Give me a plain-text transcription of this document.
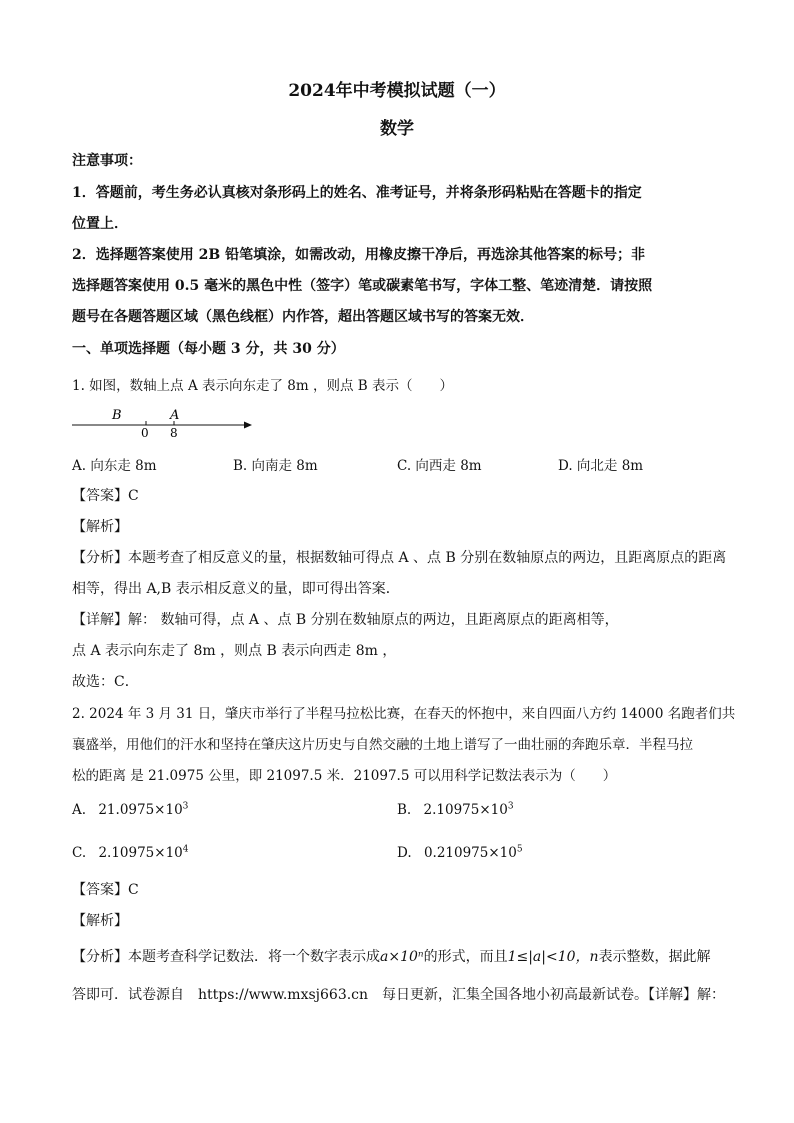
2024年中考模拟试题（一）
数学
注意事项：
1．答题前，考生务必认真核对条形码上的姓名、准考证号，并将条形码粘贴在答题卡的指定
位置上．
2．选择题答案使用 2B 铅笔填涂，如需改动，用橡皮擦干净后，再选涂其他答案的标号；非
选择题答案使用 0.5 毫米的黑色中性（签字）笔或碳素笔书写，字体工整、笔迹清楚．请按照
题号在各题答题区域（黑色线框）内作答，超出答题区域书写的答案无效．
一、单项选择题（每小题 3 分，共 30 分）
1. 如图，数轴上点 A 表示向东走了 8m ，则点 B 表示（　　）
B	A
0 8
A. 向东走 8m	B. 向南走 8m	C. 向西走 8m	D. 向北走 8m
【答案】C
【解析】
【分析】本题考查了相反意义的量，根据数轴可得点 A 、点 B 分别在数轴原点的两边，且距离原点的距离
相等，得出 A,B 表示相反意义的量，即可得出答案．
【详解】解： 数轴可得，点 A 、点 B 分别在数轴原点的两边，且距离原点的距离相等，
点 A 表示向东走了 8m ，则点 B 表示向西走 8m ，
故选：C．
2. 2024 年 3 月 31 日，肇庆市举行了半程马拉松比赛，在春天的怀抱中，来自四面八方约 14000 名跑者们共
襄盛举，用他们的汗水和坚持在肇庆这片历史与自然交融的土地上谱写了一曲壮丽的奔跑乐章．半程马拉
松的距离 是 21.0975 公里，即 21097.5 米．21097.5 可以用科学记数法表示为（　　）
A. $21.0975\times 10^3$	B. $2.10975\times 10^3$
C. $2.10975\times 10^4$	D. $0.210975\times 10^5$
【答案】C
【解析】
【分析】本题考查科学记数法．将一个数字表示成a×10ⁿ的形式，而且1≤|a|<10，n表示整数，据此解
答即可．试卷源自　https://www.mxsj663.cn　每日更新，汇集全国各地小初高最新试卷。【详解】解：
